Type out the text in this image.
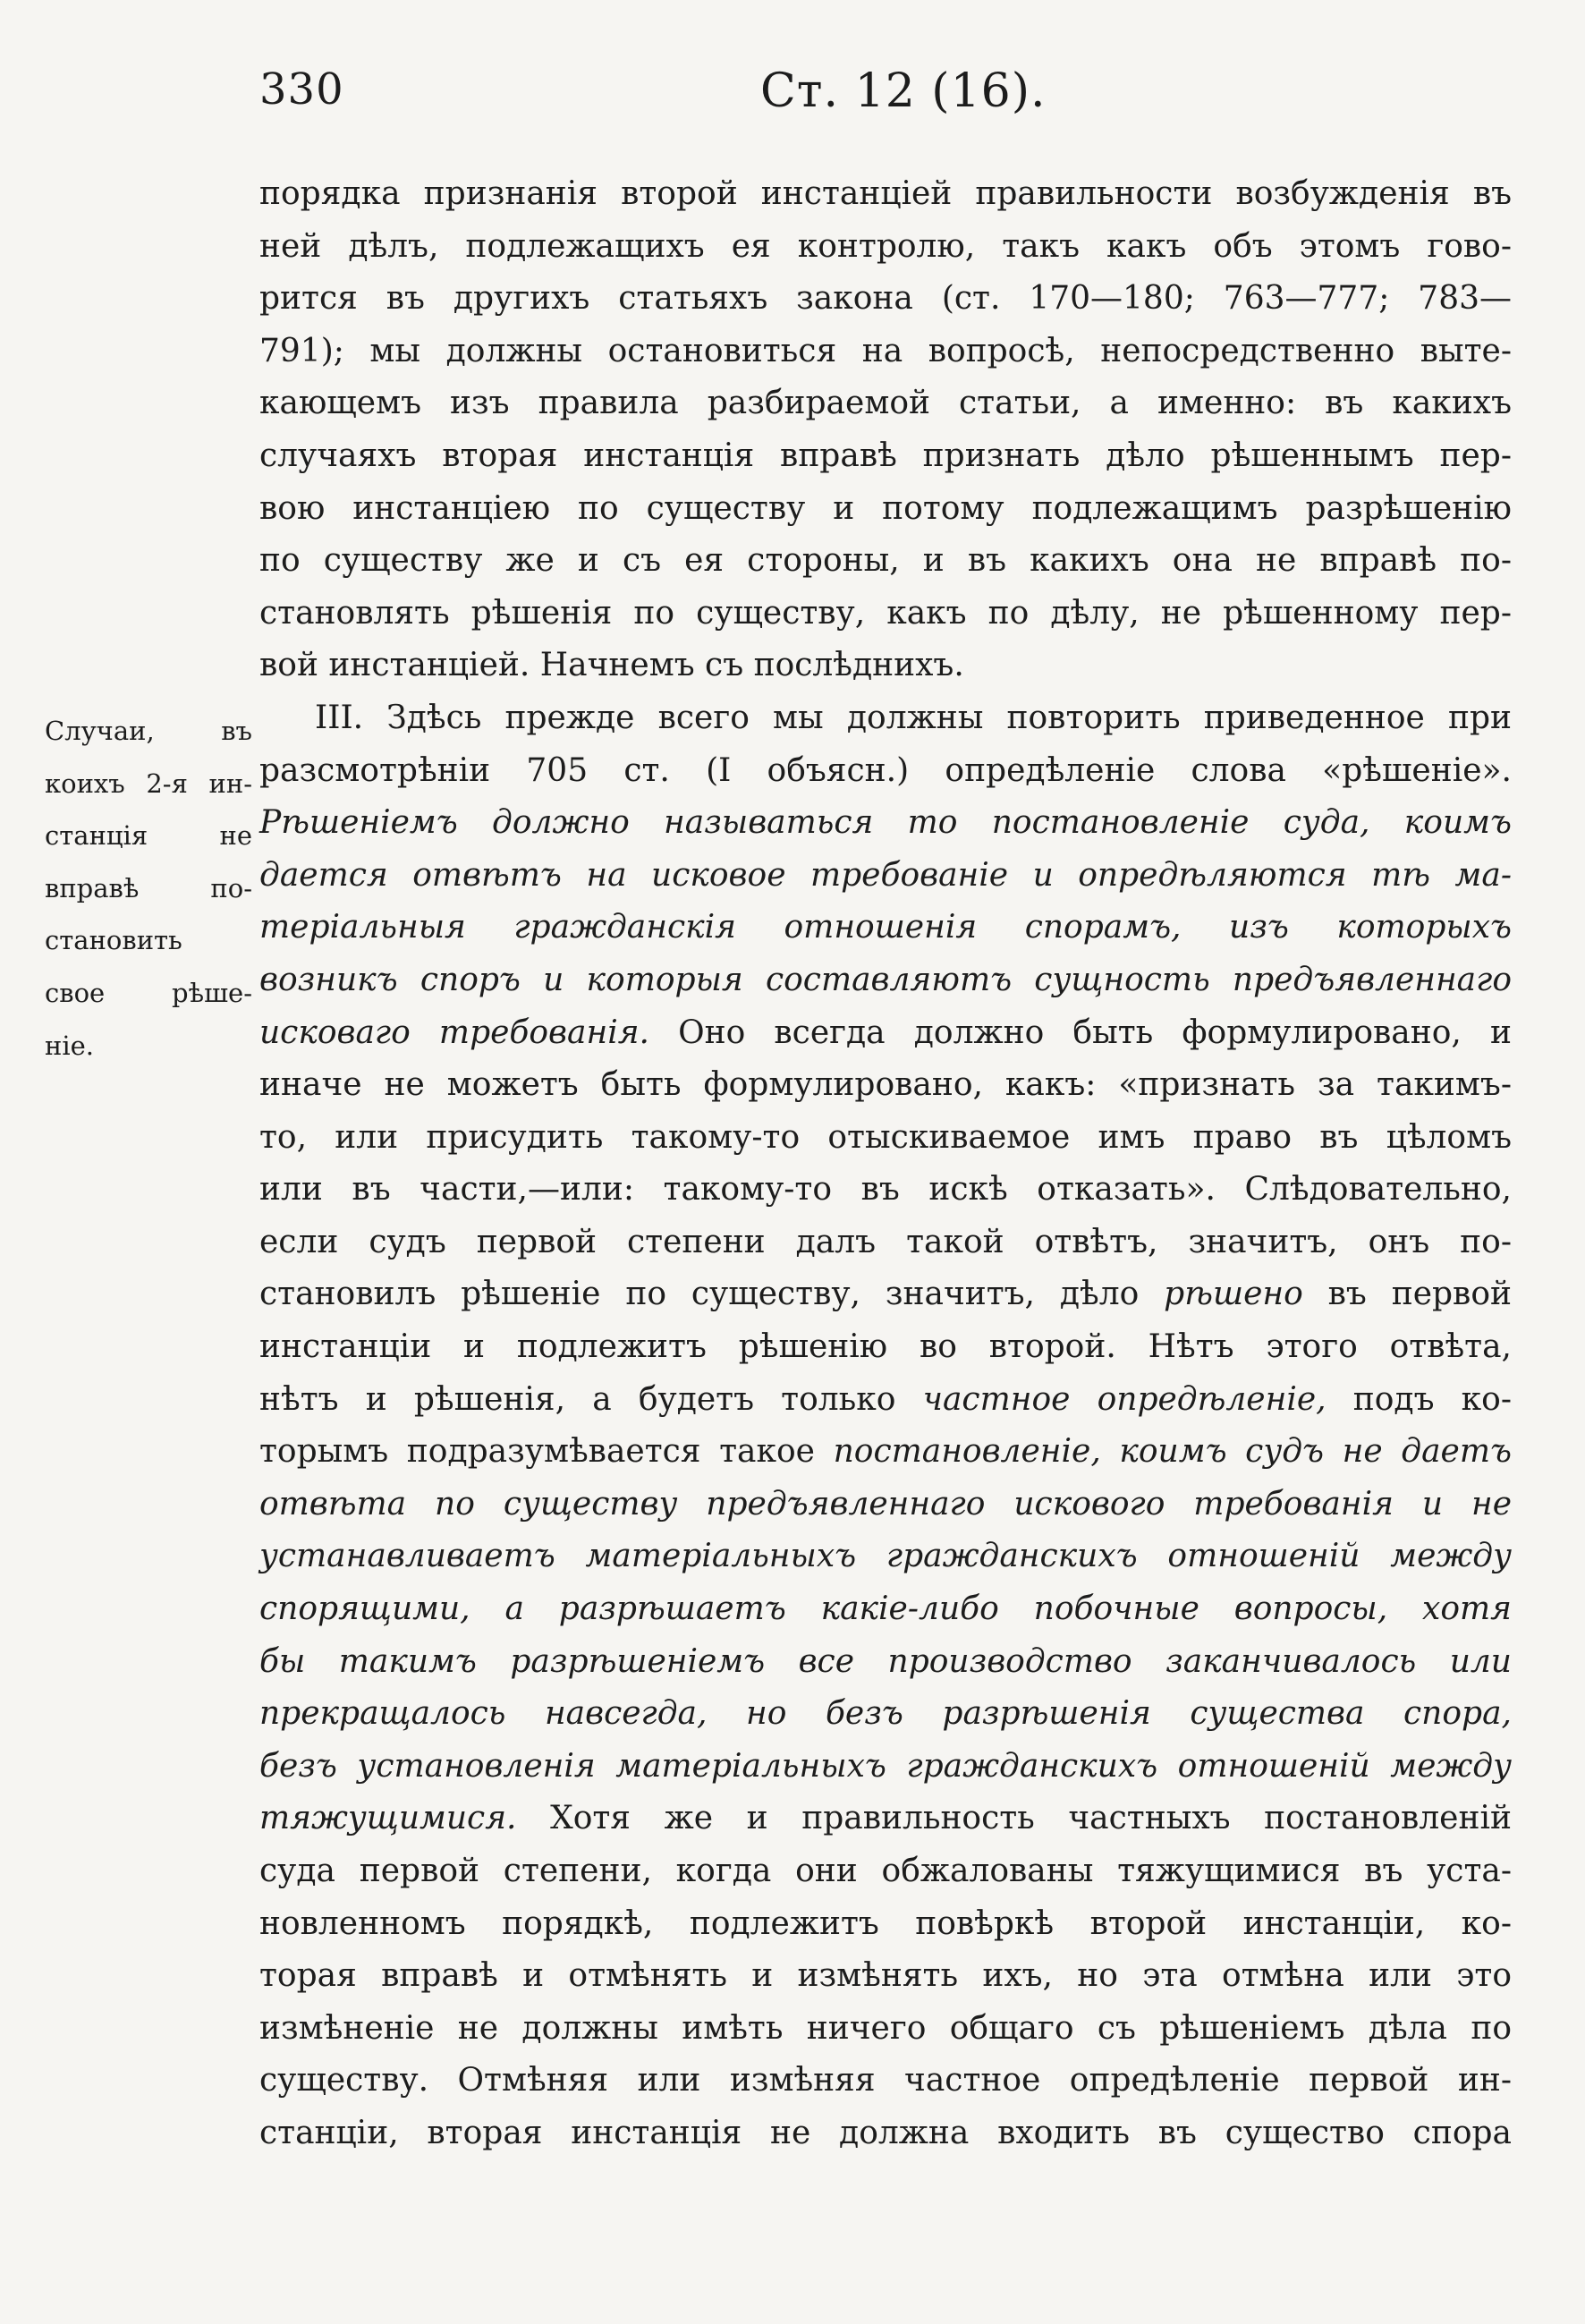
330	Ст. 12 (16).
Случаи, въ
коихъ 2-я ин-
станція не
вправѣ по-
становить
свое рѣше-
ніе.
порядка признанія второй инстанціей правильности возбужденія въ
ней дѣлъ, подлежащихъ ея контролю, такъ какъ объ этомъ гово-
рится въ другихъ статьяхъ закона (ст. 170—180; 763—777; 783—
791); мы должны остановиться на вопросѣ, непосредственно выте-
кающемъ изъ правила разбираемой статьи, а именно: въ какихъ
случаяхъ вторая инстанція вправѣ признать дѣло рѣшеннымъ пер-
вою инстанціею по существу и потому подлежащимъ разрѣшенію
по существу же и съ ея стороны, и въ какихъ она не вправѣ по-
становлять рѣшенія по существу, какъ по дѣлу, не рѣшенному пер-
вой инстанціей. Начнемъ съ послѣднихъ.
III. Здѣсь прежде всего мы должны повторить приведенное при
разсмотрѣніи 705 ст. (I объясн.) опредѣленіе слова «рѣшеніе».
Рѣшеніемъ должно называться то постановленіе суда, коимъ
дается отвѣтъ на исковое требованіе и опредѣляются тѣ ма-
теріальныя гражданскія отношенія спорамъ, изъ которыхъ
возникъ споръ и которыя составляютъ сущность предъявленнаго
исковаго требованія. Оно всегда должно быть формулировано, и
иначе не можетъ быть формулировано, какъ: «признать за такимъ-
то, или присудить такому-то отыскиваемое имъ право въ цѣломъ
или въ части,—или: такому-то въ искѣ отказать». Слѣдовательно,
если судъ первой степени далъ такой отвѣтъ, значитъ, онъ по-
становилъ рѣшеніе по существу, значитъ, дѣло рѣшено въ первой
инстанціи и подлежитъ рѣшенію во второй. Нѣтъ этого отвѣта,
нѣтъ и рѣшенія, а будетъ только частное опредѣленіе, подъ ко-
торымъ подразумѣвается такое постановленіе, коимъ судъ не даетъ
отвѣта по существу предъявленнаго искового требованія и не
устанавливаетъ матеріальныхъ гражданскихъ отношеній между
спорящими, а разрѣшаетъ какіе-либо побочные вопросы, хотя
бы такимъ разрѣшеніемъ все производство заканчивалось или
прекращалось навсегда, но безъ разрѣшенія существа спора,
безъ установленія матеріальныхъ гражданскихъ отношеній между
тяжущимися. Хотя же и правильность частныхъ постановленій
суда первой степени, когда они обжалованы тяжущимися въ уста-
новленномъ порядкѣ, подлежитъ повѣркѣ второй инстанціи, ко-
торая вправѣ и отмѣнять и измѣнять ихъ, но эта отмѣна или это
измѣненіе не должны имѣть ничего общаго съ рѣшеніемъ дѣла по
существу. Отмѣняя или измѣняя частное опредѣленіе первой ин-
станціи, вторая инстанція не должна входить въ существо спора
